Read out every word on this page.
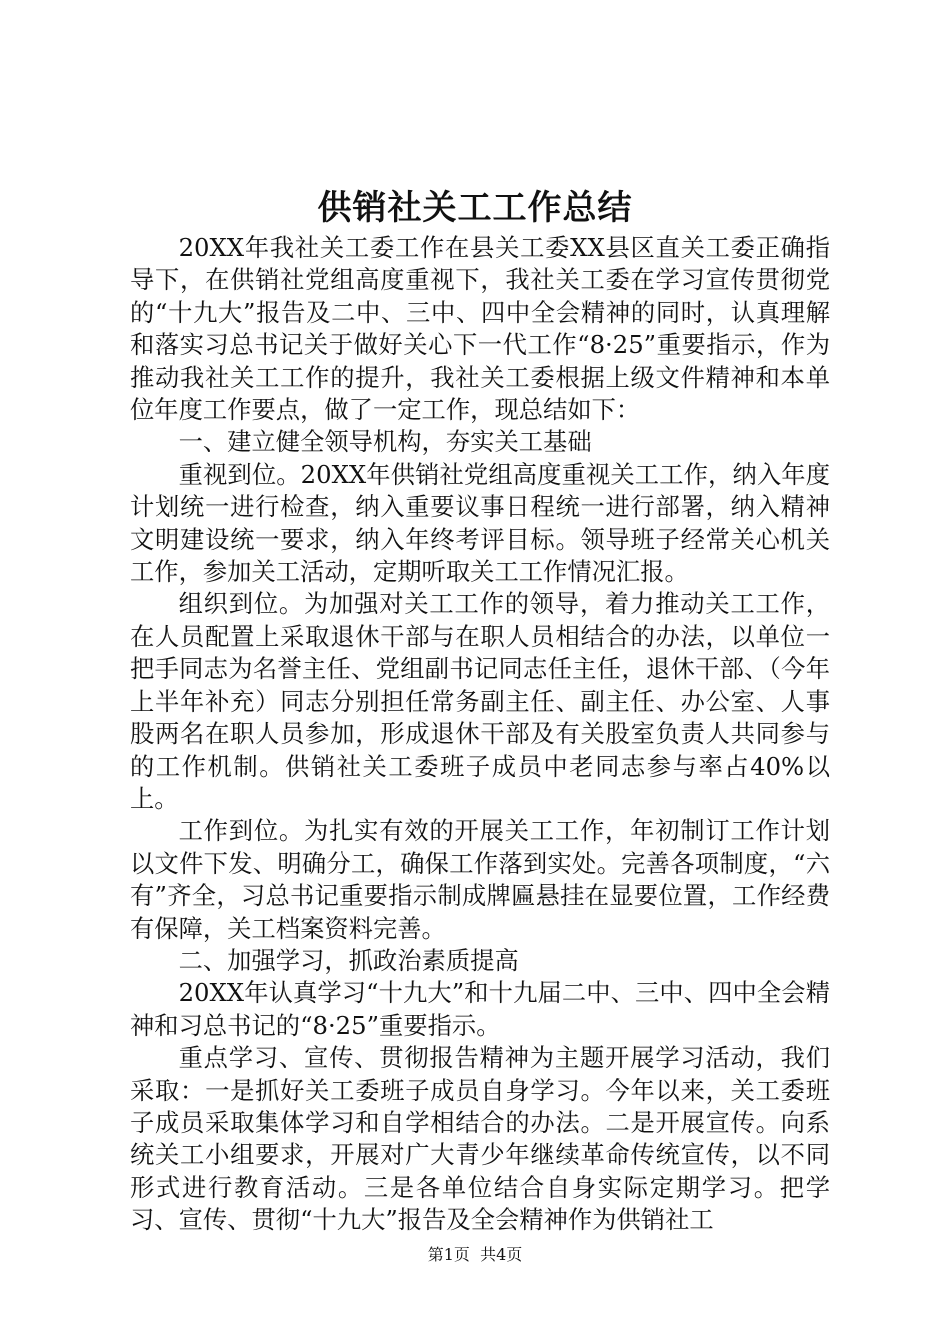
供销社关工工作总结

20XX年我社关工委工作在县关工委XX县区直关工委正确指导下，在供销社党组高度重视下，我社关工委在学习宣传贯彻党的“十九大”报告及二中、三中、四中全会精神的同时，认真理解和落实习总书记关于做好关心下一代工作“8·25”重要指示，作为推动我社关工工作的提升，我社关工委根据上级文件精神和本单位年度工作要点，做了一定工作，现总结如下：

一、建立健全领导机构，夯实关工基础

重视到位。20XX年供销社党组高度重视关工工作，纳入年度计划统一进行检查，纳入重要议事日程统一进行部署，纳入精神文明建设统一要求，纳入年终考评目标。领导班子经常关心机关工作，参加关工活动，定期听取关工工作情况汇报。

组织到位。为加强对关工工作的领导，着力推动关工工作，在人员配置上采取退休干部与在职人员相结合的办法，以单位一把手同志为名誉主任、党组副书记同志任主任，退休干部、（今年上半年补充）同志分别担任常务副主任、副主任、办公室、人事股两名在职人员参加，形成退休干部及有关股室负责人共同参与的工作机制。供销社关工委班子成员中老同志参与率占40%以上。

工作到位。为扎实有效的开展关工工作，年初制订工作计划以文件下发、明确分工，确保工作落到实处。完善各项制度，“六有”齐全，习总书记重要指示制成牌匾悬挂在显要位置，工作经费有保障，关工档案资料完善。

二、加强学习，抓政治素质提高

20XX年认真学习“十九大”和十九届二中、三中、四中全会精神和习总书记的“8·25”重要指示。

重点学习、宣传、贯彻报告精神为主题开展学习活动，我们采取：一是抓好关工委班子成员自身学习。今年以来，关工委班子成员采取集体学习和自学相结合的办法。二是开展宣传。向系统关工小组要求，开展对广大青少年继续革命传统宣传，以不同形式进行教育活动。三是各单位结合自身实际定期学习。把学习、宣传、贯彻“十九大”报告及全会精神作为供销社工

第1页 共4页
